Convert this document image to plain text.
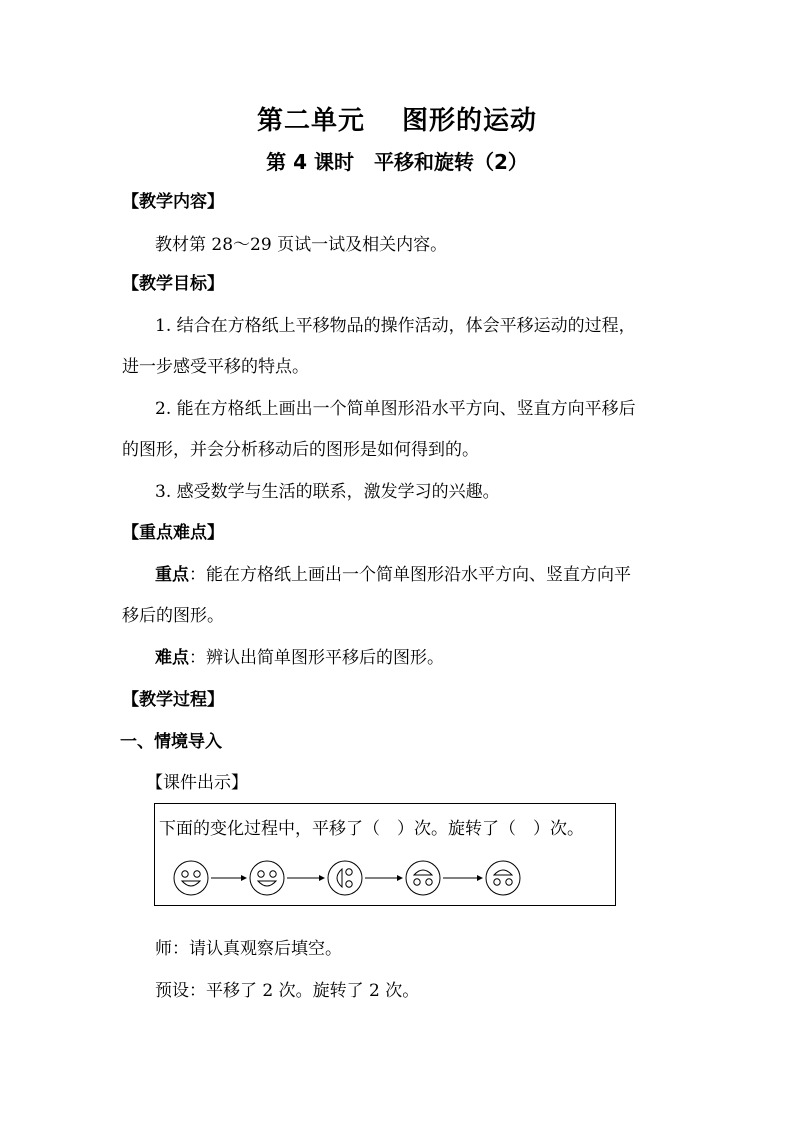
第二单元　 图形的运动
第 4 课时　平移和旋转（2）
【教学内容】
教材第 28～29 页试一试及相关内容。
【教学目标】
1. 结合在方格纸上平移物品的操作活动，体会平移运动的过程，
进一步感受平移的特点。
2. 能在方格纸上画出一个简单图形沿水平方向、竖直方向平移后
的图形，并会分析移动后的图形是如何得到的。
3. 感受数学与生活的联系，激发学习的兴趣。
【重点难点】
重点：能在方格纸上画出一个简单图形沿水平方向、竖直方向平
移后的图形。
难点：辨认出简单图形平移后的图形。
【教学过程】
一、情境导入
【课件出示】
下面的变化过程中，平移了（　）次。旋转了（　）次。
师：请认真观察后填空。
预设：平移了 2 次。旋转了 2 次。
